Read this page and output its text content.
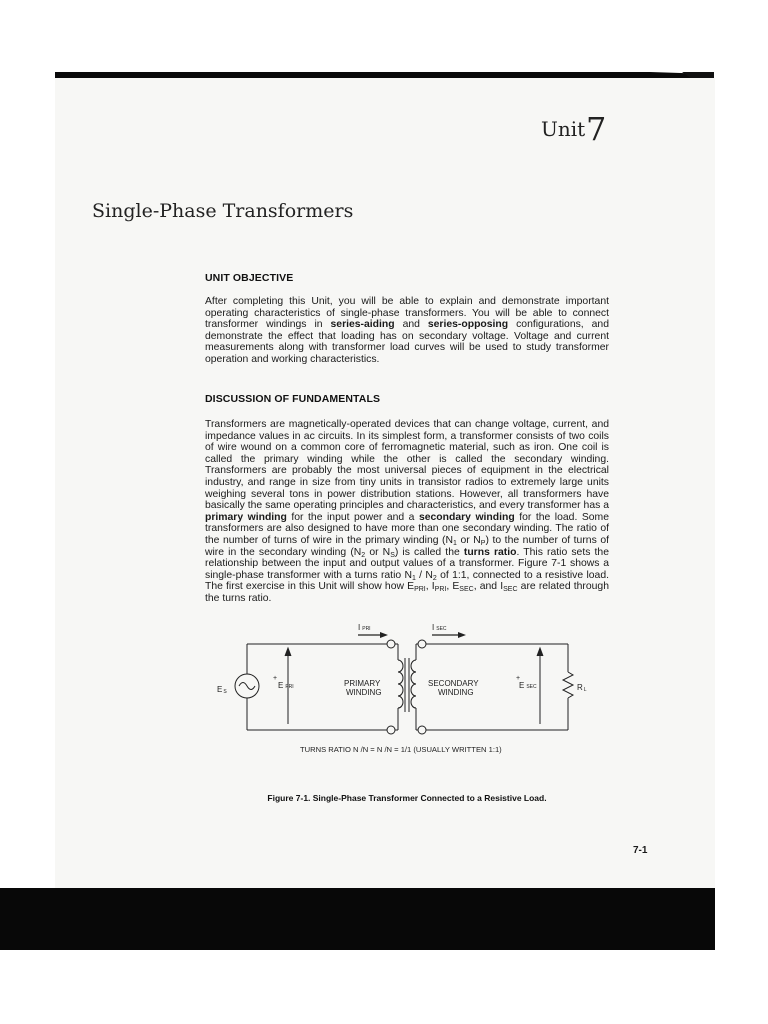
Unit 7
Single-Phase Transformers
UNIT OBJECTIVE

After completing this Unit, you will be able to explain and demonstrate important operating characteristics of single-phase transformers. You will be able to connect transformer windings in series-aiding and series-opposing configurations, and demonstrate the effect that loading has on secondary voltage. Voltage and current measurements along with transformer load curves will be used to study transformer operation and working characteristics.

DISCUSSION OF FUNDAMENTALS

Transformers are magnetically-operated devices that can change voltage, current, and impedance values in ac circuits. In its simplest form, a transformer consists of two coils of wire wound on a common core of ferromagnetic material, such as iron. One coil is called the primary winding while the other is called the secondary winding. Transformers are probably the most universal pieces of equipment in the electrical industry, and range in size from tiny units in transistor radios to extremely large units weighing several tons in power distribution stations. However, all transformers have basically the same operating principles and characteristics, and every transformer has a primary winding for the input power and a secondary winding for the load. Some transformers are also designed to have more than one secondary winding. The ratio of the number of turns of wire in the primary winding ($N_1$ or $N_P$) to the number of turns of wire in the secondary winding ($N_2$ or $N_S$) is called the turns ratio. This ratio sets the relationship between the input and output values of a transformer. Figure 7-1 shows a single-phase transformer with a turns ratio $N_1 / N_2$ of 1:1, connected to a resistive load. The first exercise in this Unit will show how $E_{PRI}$, $I_{PRI}$, $E_{SEC}$, and $I_{SEC}$ are related through the turns ratio.

IPRI	ISEC
ES
+
EPRI	PRIMARY
WINDING
SECONDARY
WINDING
+
ESEC	RL
TURNS RATIO N /N = N /N = 1/1 (USUALLY WRITTEN 1:1)
Figure 7-1. Single-Phase Transformer Connected to a Resistive Load.
7-1
